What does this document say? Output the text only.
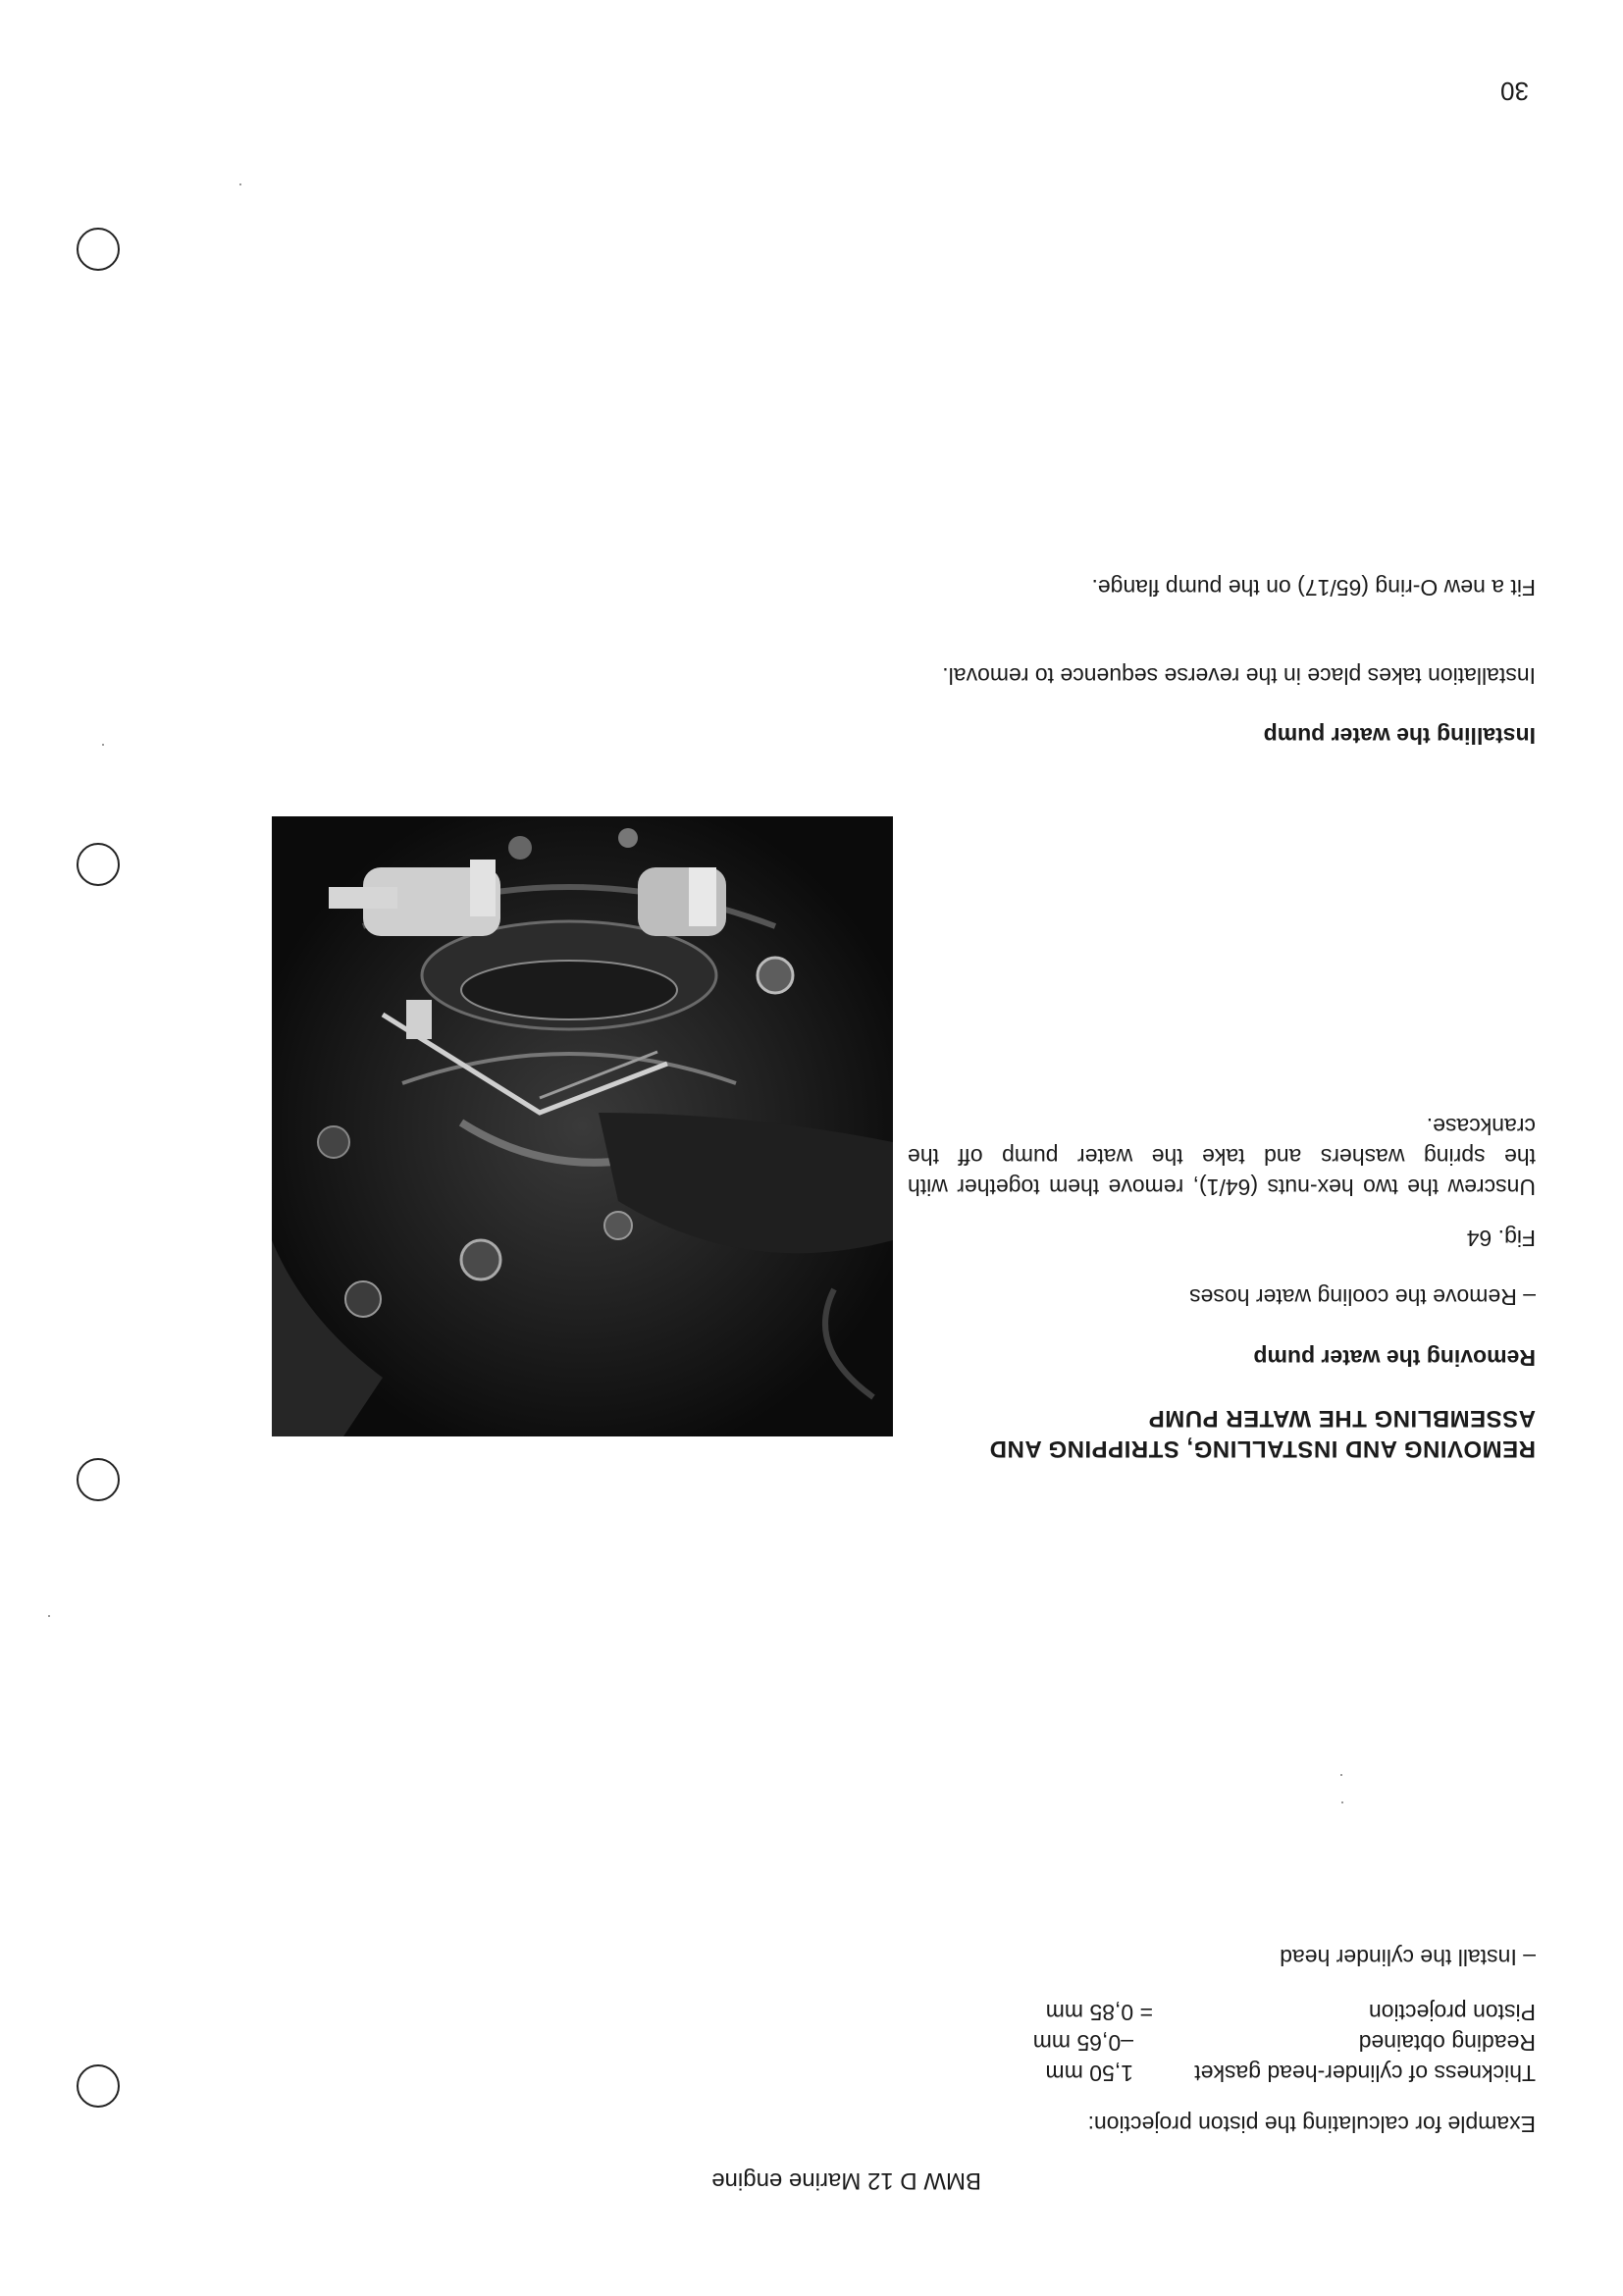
BMW D 12 Marine engine
30
Example for calculating the piston projection:
Thickness of cylinder-head gasket
1,50 mm
Reading obtained
–0,65 mm
Piston projection
= 0,85 mm
– Install the cylinder head
REMOVING AND INSTALLING, STRIPPING AND
ASSEMBLING THE WATER PUMP
Removing the water pump
– Remove the cooling water hoses
Fig. 64
Unscrew the two hex-nuts (64/1), remove them together with the spring washers and take the water pump off the crankcase.
Installing the water pump
Installation takes place in the reverse sequence to removal.
Fit a new O-ring (65/17) on the pump flange.
